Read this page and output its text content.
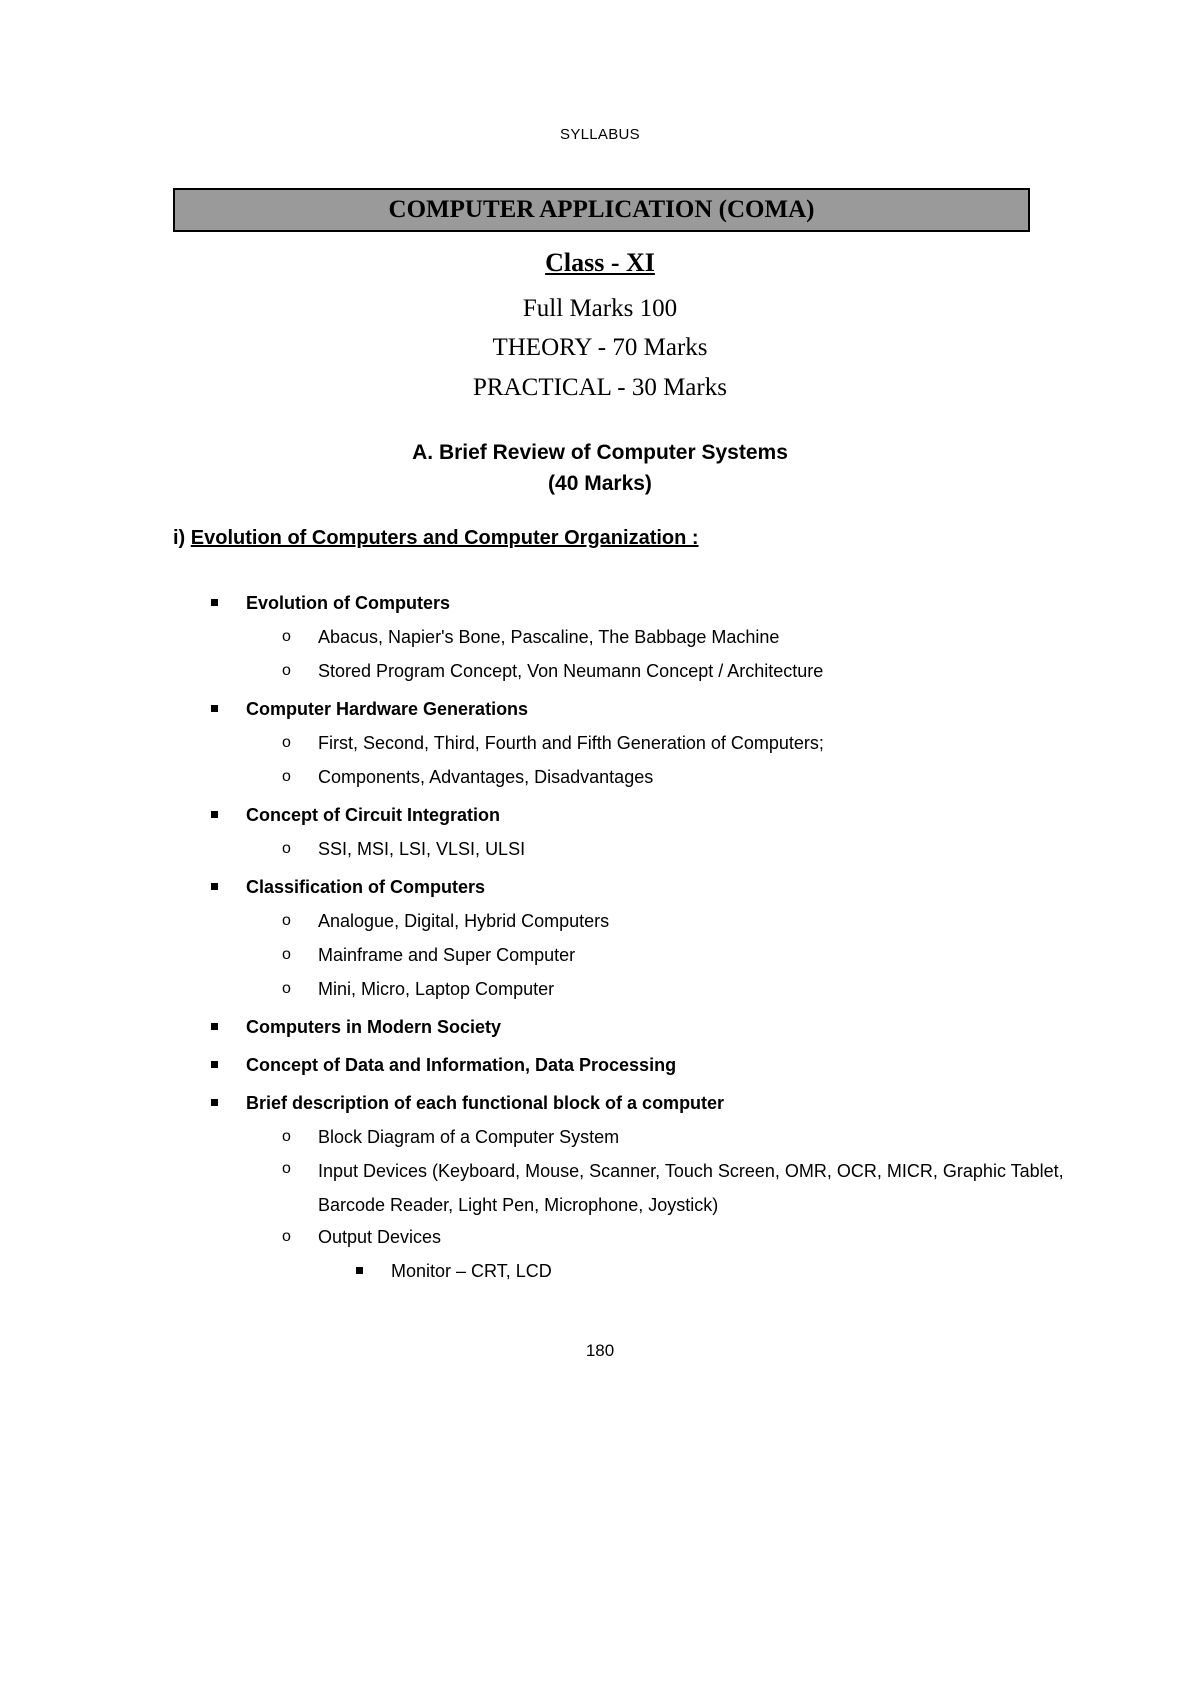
SYLLABUS
COMPUTER APPLICATION (COMA)
Class - XI
Full Marks 100
THEORY - 70 Marks
PRACTICAL - 30 Marks
A. Brief Review of Computer Systems
(40 Marks)
i) Evolution of Computers and Computer Organization :
Evolution of Computers
o Abacus, Napier's Bone, Pascaline, The Babbage Machine
o Stored Program Concept, Von Neumann Concept / Architecture
Computer Hardware Generations
o First, Second, Third, Fourth and Fifth Generation of Computers;
o Components, Advantages, Disadvantages
Concept of Circuit Integration
o SSI, MSI, LSI, VLSI, ULSI
Classification of Computers
o Analogue, Digital, Hybrid Computers
o Mainframe and Super Computer
o Mini, Micro, Laptop Computer
Computers in Modern Society
Concept of Data and Information, Data Processing
Brief description of each functional block of a computer
o Block Diagram of a Computer System
o Input Devices (Keyboard, Mouse, Scanner, Touch Screen, OMR, OCR, MICR, Graphic Tablet, Barcode Reader, Light Pen, Microphone, Joystick)
o Output Devices
Monitor – CRT, LCD
180
